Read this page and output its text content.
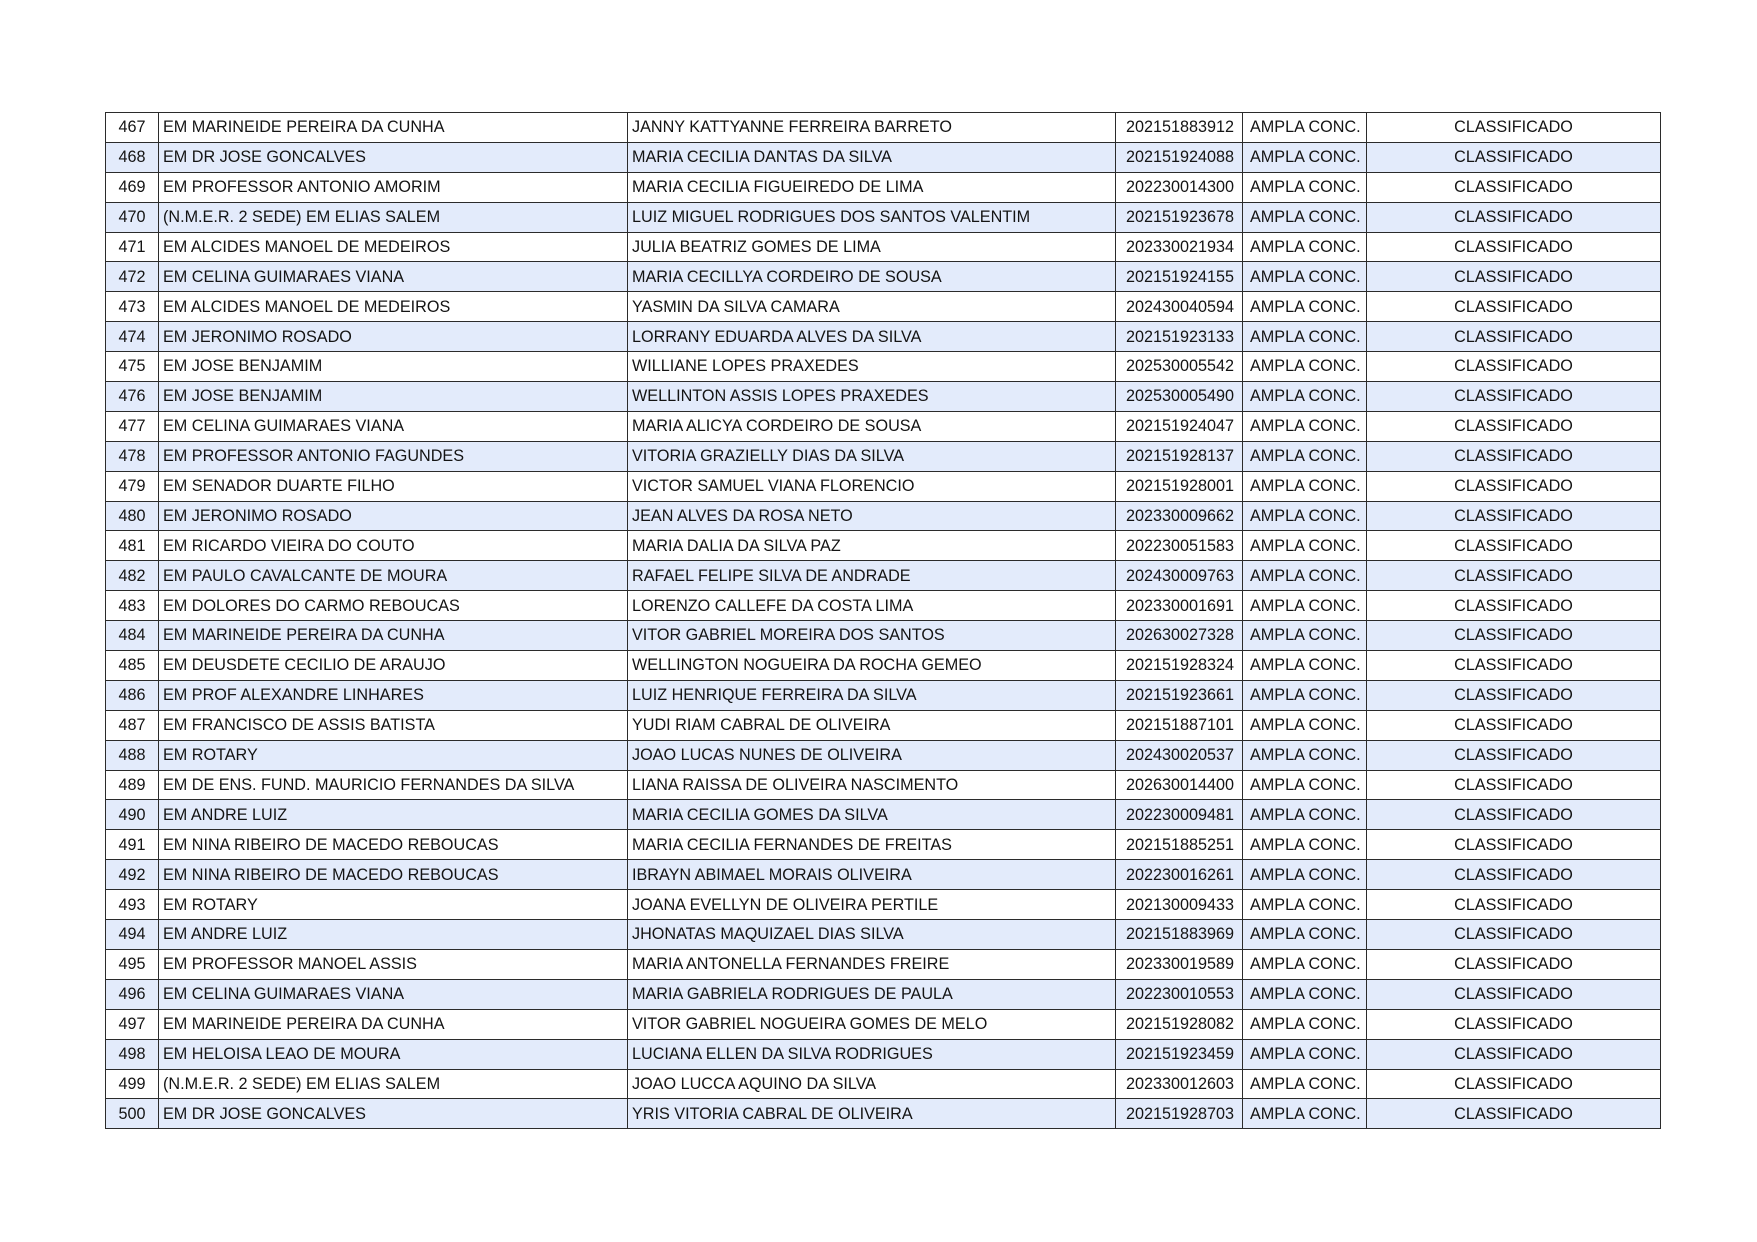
467	EM MARINEIDE PEREIRA DA CUNHA	JANNY KATTYANNE FERREIRA BARRETO	202151883912	AMPLA CONC.	CLASSIFICADO
468	EM DR JOSE GONCALVES	MARIA CECILIA DANTAS DA SILVA	202151924088	AMPLA CONC.	CLASSIFICADO
469	EM PROFESSOR ANTONIO AMORIM	MARIA CECILIA FIGUEIREDO DE LIMA	202230014300	AMPLA CONC.	CLASSIFICADO
470	(N.M.E.R. 2 SEDE) EM ELIAS SALEM	LUIZ MIGUEL RODRIGUES DOS SANTOS VALENTIM	202151923678	AMPLA CONC.	CLASSIFICADO
471	EM ALCIDES MANOEL DE MEDEIROS	JULIA BEATRIZ GOMES DE LIMA	202330021934	AMPLA CONC.	CLASSIFICADO
472	EM CELINA GUIMARAES VIANA	MARIA CECILLYA CORDEIRO DE SOUSA	202151924155	AMPLA CONC.	CLASSIFICADO
473	EM ALCIDES MANOEL DE MEDEIROS	YASMIN DA SILVA CAMARA	202430040594	AMPLA CONC.	CLASSIFICADO
474	EM JERONIMO ROSADO	LORRANY EDUARDA ALVES DA SILVA	202151923133	AMPLA CONC.	CLASSIFICADO
475	EM JOSE BENJAMIM	WILLIANE LOPES PRAXEDES	202530005542	AMPLA CONC.	CLASSIFICADO
476	EM JOSE BENJAMIM	WELLINTON ASSIS LOPES PRAXEDES	202530005490	AMPLA CONC.	CLASSIFICADO
477	EM CELINA GUIMARAES VIANA	MARIA ALICYA CORDEIRO DE SOUSA	202151924047	AMPLA CONC.	CLASSIFICADO
478	EM PROFESSOR ANTONIO FAGUNDES	VITORIA GRAZIELLY DIAS DA SILVA	202151928137	AMPLA CONC.	CLASSIFICADO
479	EM SENADOR DUARTE FILHO	VICTOR SAMUEL VIANA FLORENCIO	202151928001	AMPLA CONC.	CLASSIFICADO
480	EM JERONIMO ROSADO	JEAN ALVES DA ROSA NETO	202330009662	AMPLA CONC.	CLASSIFICADO
481	EM RICARDO VIEIRA DO COUTO	MARIA DALIA DA SILVA PAZ	202230051583	AMPLA CONC.	CLASSIFICADO
482	EM PAULO CAVALCANTE DE MOURA	RAFAEL FELIPE SILVA DE ANDRADE	202430009763	AMPLA CONC.	CLASSIFICADO
483	EM DOLORES DO CARMO REBOUCAS	LORENZO CALLEFE DA COSTA LIMA	202330001691	AMPLA CONC.	CLASSIFICADO
484	EM MARINEIDE PEREIRA DA CUNHA	VITOR GABRIEL MOREIRA DOS SANTOS	202630027328	AMPLA CONC.	CLASSIFICADO
485	EM DEUSDETE CECILIO DE ARAUJO	WELLINGTON NOGUEIRA DA ROCHA GEMEO	202151928324	AMPLA CONC.	CLASSIFICADO
486	EM PROF ALEXANDRE LINHARES	LUIZ HENRIQUE FERREIRA DA SILVA	202151923661	AMPLA CONC.	CLASSIFICADO
487	EM FRANCISCO DE ASSIS BATISTA	YUDI RIAM CABRAL DE OLIVEIRA	202151887101	AMPLA CONC.	CLASSIFICADO
488	EM ROTARY	JOAO LUCAS NUNES DE OLIVEIRA	202430020537	AMPLA CONC.	CLASSIFICADO
489	EM DE ENS. FUND. MAURICIO FERNANDES DA SILVA	LIANA RAISSA DE OLIVEIRA NASCIMENTO	202630014400	AMPLA CONC.	CLASSIFICADO
490	EM ANDRE LUIZ	MARIA CECILIA GOMES DA SILVA	202230009481	AMPLA CONC.	CLASSIFICADO
491	EM NINA RIBEIRO DE MACEDO REBOUCAS	MARIA CECILIA FERNANDES DE FREITAS	202151885251	AMPLA CONC.	CLASSIFICADO
492	EM NINA RIBEIRO DE MACEDO REBOUCAS	IBRAYN ABIMAEL MORAIS OLIVEIRA	202230016261	AMPLA CONC.	CLASSIFICADO
493	EM ROTARY	JOANA EVELLYN DE OLIVEIRA PERTILE	202130009433	AMPLA CONC.	CLASSIFICADO
494	EM ANDRE LUIZ	JHONATAS MAQUIZAEL DIAS SILVA	202151883969	AMPLA CONC.	CLASSIFICADO
495	EM PROFESSOR MANOEL ASSIS	MARIA ANTONELLA FERNANDES FREIRE	202330019589	AMPLA CONC.	CLASSIFICADO
496	EM CELINA GUIMARAES VIANA	MARIA GABRIELA RODRIGUES DE PAULA	202230010553	AMPLA CONC.	CLASSIFICADO
497	EM MARINEIDE PEREIRA DA CUNHA	VITOR GABRIEL NOGUEIRA GOMES DE MELO	202151928082	AMPLA CONC.	CLASSIFICADO
498	EM HELOISA LEAO DE MOURA	LUCIANA ELLEN DA SILVA RODRIGUES	202151923459	AMPLA CONC.	CLASSIFICADO
499	(N.M.E.R. 2 SEDE) EM ELIAS SALEM	JOAO LUCCA AQUINO DA SILVA	202330012603	AMPLA CONC.	CLASSIFICADO
500	EM DR JOSE GONCALVES	YRIS VITORIA CABRAL DE OLIVEIRA	202151928703	AMPLA CONC.	CLASSIFICADO
